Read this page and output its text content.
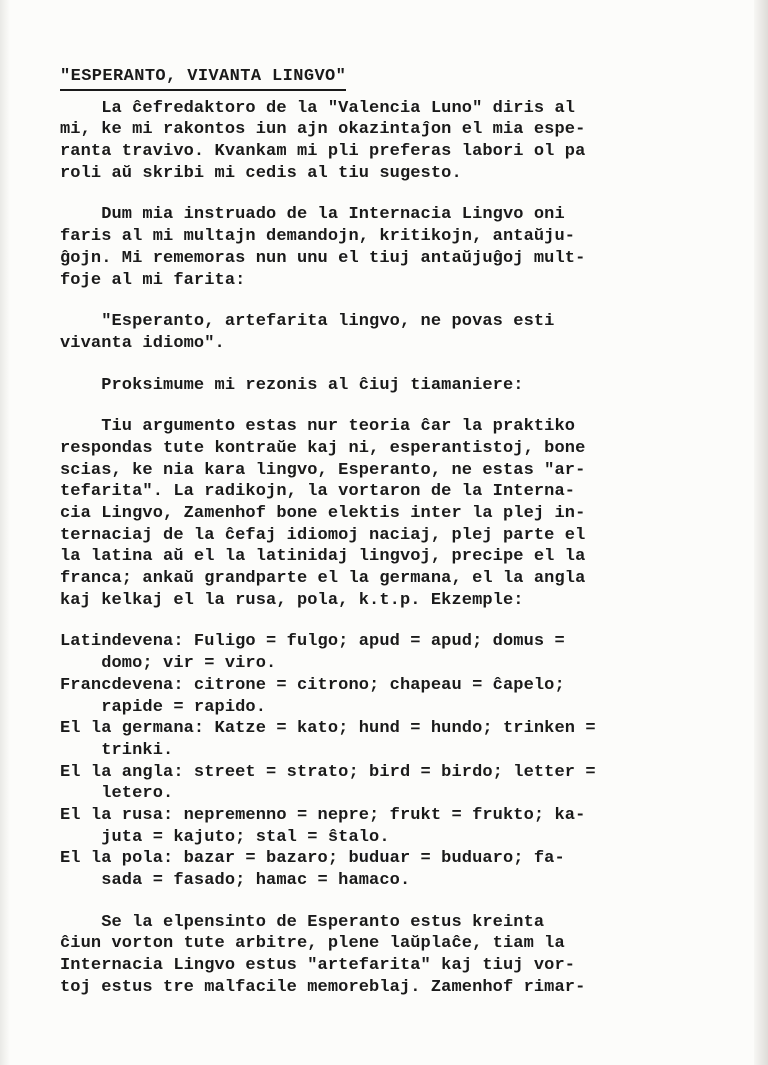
"ESPERANTO, VIVANTA LINGVO"
La ĉefredaktoro de la "Valencia Luno" diris al
mi, ke mi rakontos iun ajn okazintaĵon el mia espe-
ranta travivo. Kvankam mi pli preferas labori ol pa
roli aŭ skribi mi cedis al tiu sugesto.
Dum mia instruado de la Internacia Lingvo oni
faris al mi multajn demandojn, kritikojn, antaŭju-
ĝojn. Mi rememoras nun unu el tiuj antaŭjuĝoj mult-
foje al mi farita:
"Esperanto, artefarita lingvo, ne povas esti
vivanta idiomo".
Proksimume mi rezonis al ĉiuj tiamaniere:
Tiu argumento estas nur teoria ĉar la praktiko
respondas tute kontraŭe kaj ni, esperantistoj, bone
scias, ke nia kara lingvo, Esperanto, ne estas "ar-
tefarita". La radikojn, la vortaron de la Interna-
cia Lingvo, Zamenhof bone elektis inter la plej in-
ternaciaj de la ĉefaj idiomoj naciaj, plej parte el
la latina aŭ el la latinidaj lingvoj, precipe el la
franca; ankaŭ grandparte el la germana, el la angla
kaj kelkaj el la rusa, pola, k.t.p. Ekzemple:
Latindevena: Fuligo = fulgo; apud = apud; domus =
domo; vir = viro.
Francdevena: citrone = citrono; chapeau = ĉapelo;
rapide = rapido.
El la germana: Katze = kato; hund = hundo; trinken =
trinki.
El la angla: street = strato; bird = birdo; letter =
letero.
El la rusa: nepremenno = nepre; frukt = frukto; ka-
juta = kajuto; stal = ŝtalo.
El la pola: bazar = bazaro; buduar = buduaro; fa-
sada = fasado; hamac = hamaco.
Se la elpensinto de Esperanto estus kreinta
ĉiun vorton tute arbitre, plene laŭplaĉe, tiam la
Internacia Lingvo estus "artefarita" kaj tiuj vor-
toj estus tre malfacile memoreblaj. Zamenhof rimar-
